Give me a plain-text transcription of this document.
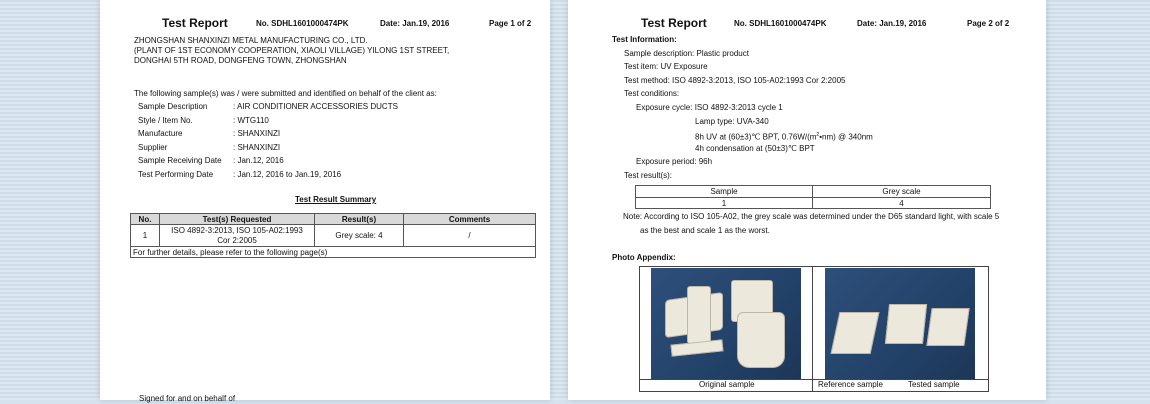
Test Report	No. SDHL1601000474PK	Date: Jan.19, 2016	Page 1 of 2
ZHONGSHAN SHANXINZI METAL MANUFACTURING CO., LTD.
(PLANT OF 1ST ECONOMY COOPERATION, XIAOLI VILLAGE) YILONG 1ST STREET,
DONGHAI 5TH ROAD, DONGFENG TOWN, ZHONGSHAN
The following sample(s) was / were submitted and identified on behalf of the client as:
Sample Description	: AIR CONDITIONER ACCESSORIES DUCTS
Style / Item No.	: WTG110
Manufacture	: SHANXINZI
Supplier	: SHANXINZI
Sample Receiving Date : Jan.12, 2016
Test Performing Date : Jan.12, 2016 to Jan.19, 2016
Test Result Summary
No.	Test(s) Requested	Result(s)	Comments
1	ISO 4892-3:2013, ISO 105-A02:1993
Cor 2:2005	Grey scale: 4	/
For further details, please refer to the following page(s)			
Signed for and on behalf of
Test Report	No. SDHL1601000474PK	Date: Jan.19, 2016	Page 2 of 2
Test Information:
Sample description: Plastic product
Test item: UV Exposure
Test method: ISO 4892-3:2013, ISO 105-A02:1993 Cor 2:2005
Test conditions:
Exposure cycle: ISO 4892-3:2013 cycle 1
Lamp type: UVA-340
8h UV at (60±3)℃ BPT, $0.76W/(m^2•nm)$ @ 340nm
4h condensation at (50±3)℃ BPT
Exposure period: 96h
Test result(s):
Sample	Grey scale
1	4
Note: According to ISO 105-A02, the grey scale was determined under the D65 standard light, with scale 5
as the best and scale 1 as the worst.
Photo Appendix:
Original sample	Reference sample	Tested sample
